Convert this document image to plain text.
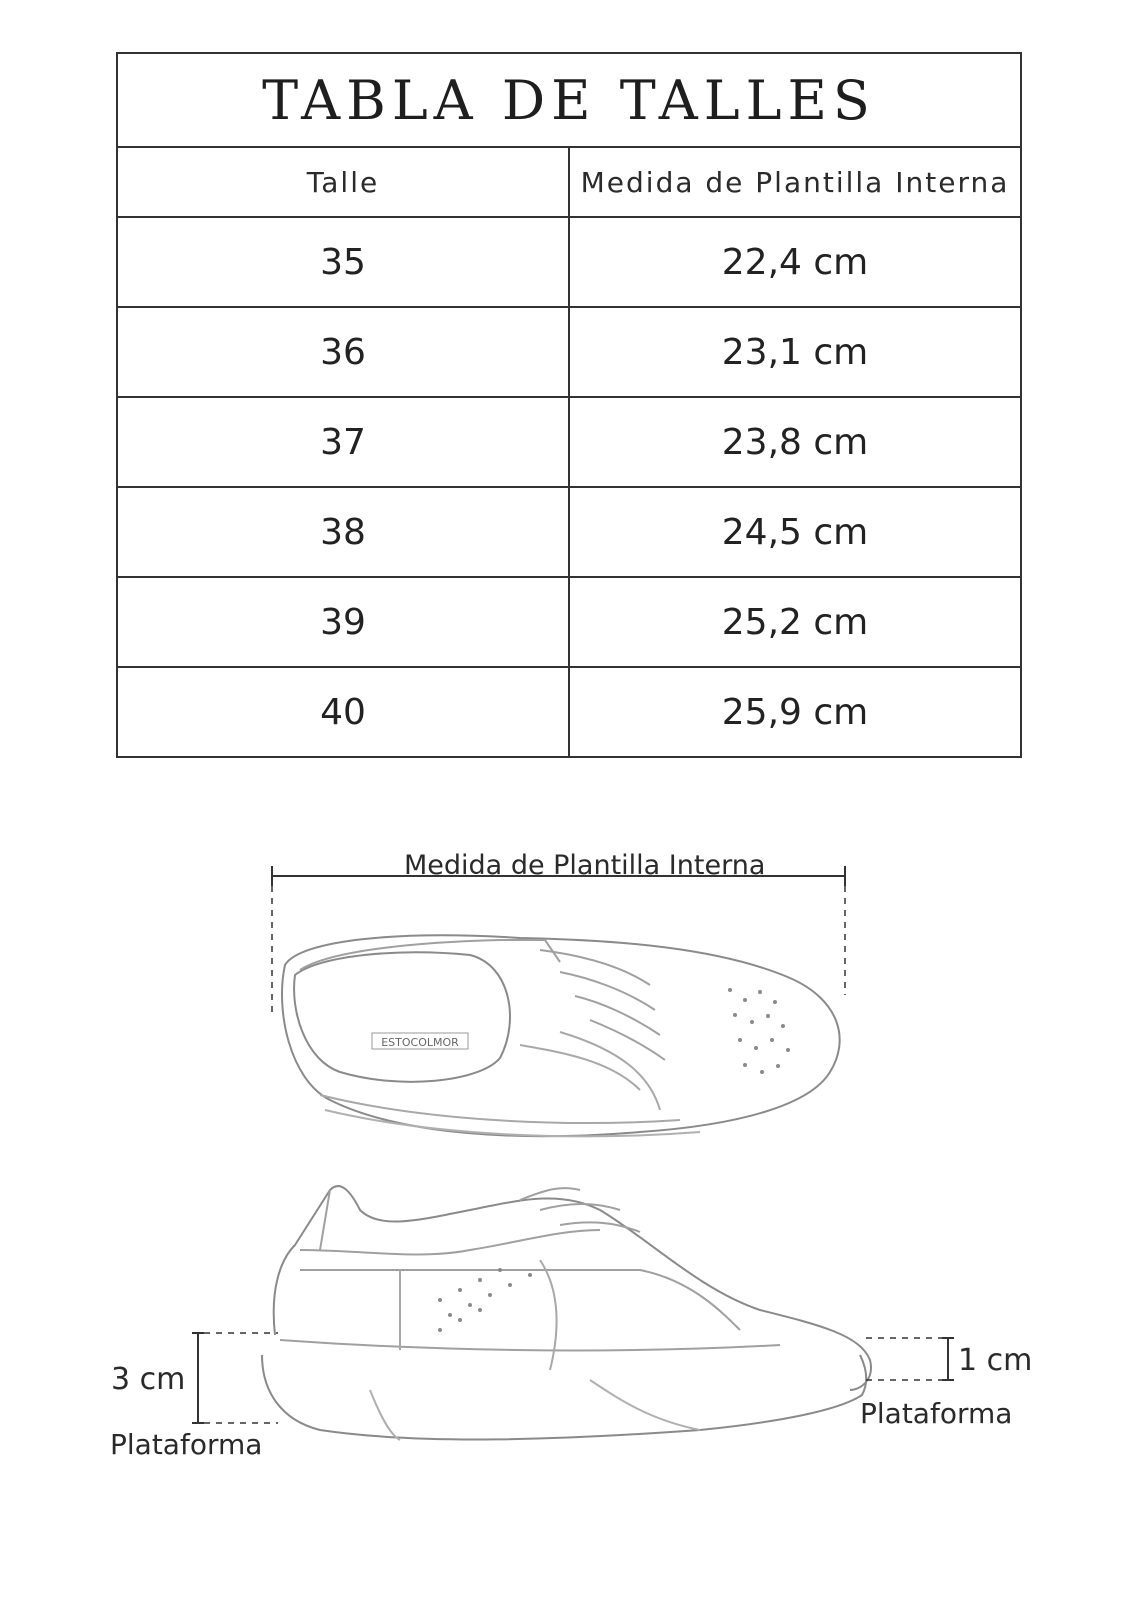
TABLA DE TALLES	
Talle	Medida de Plantilla Interna
35	22,4 cm
36	23,1 cm
37	23,8 cm
38	24,5 cm
39	25,2 cm
40	25,9 cm
ESTOCOLMOR
Medida de Plantilla Interna
3 cm
Plataforma
1 cm
Plataforma
